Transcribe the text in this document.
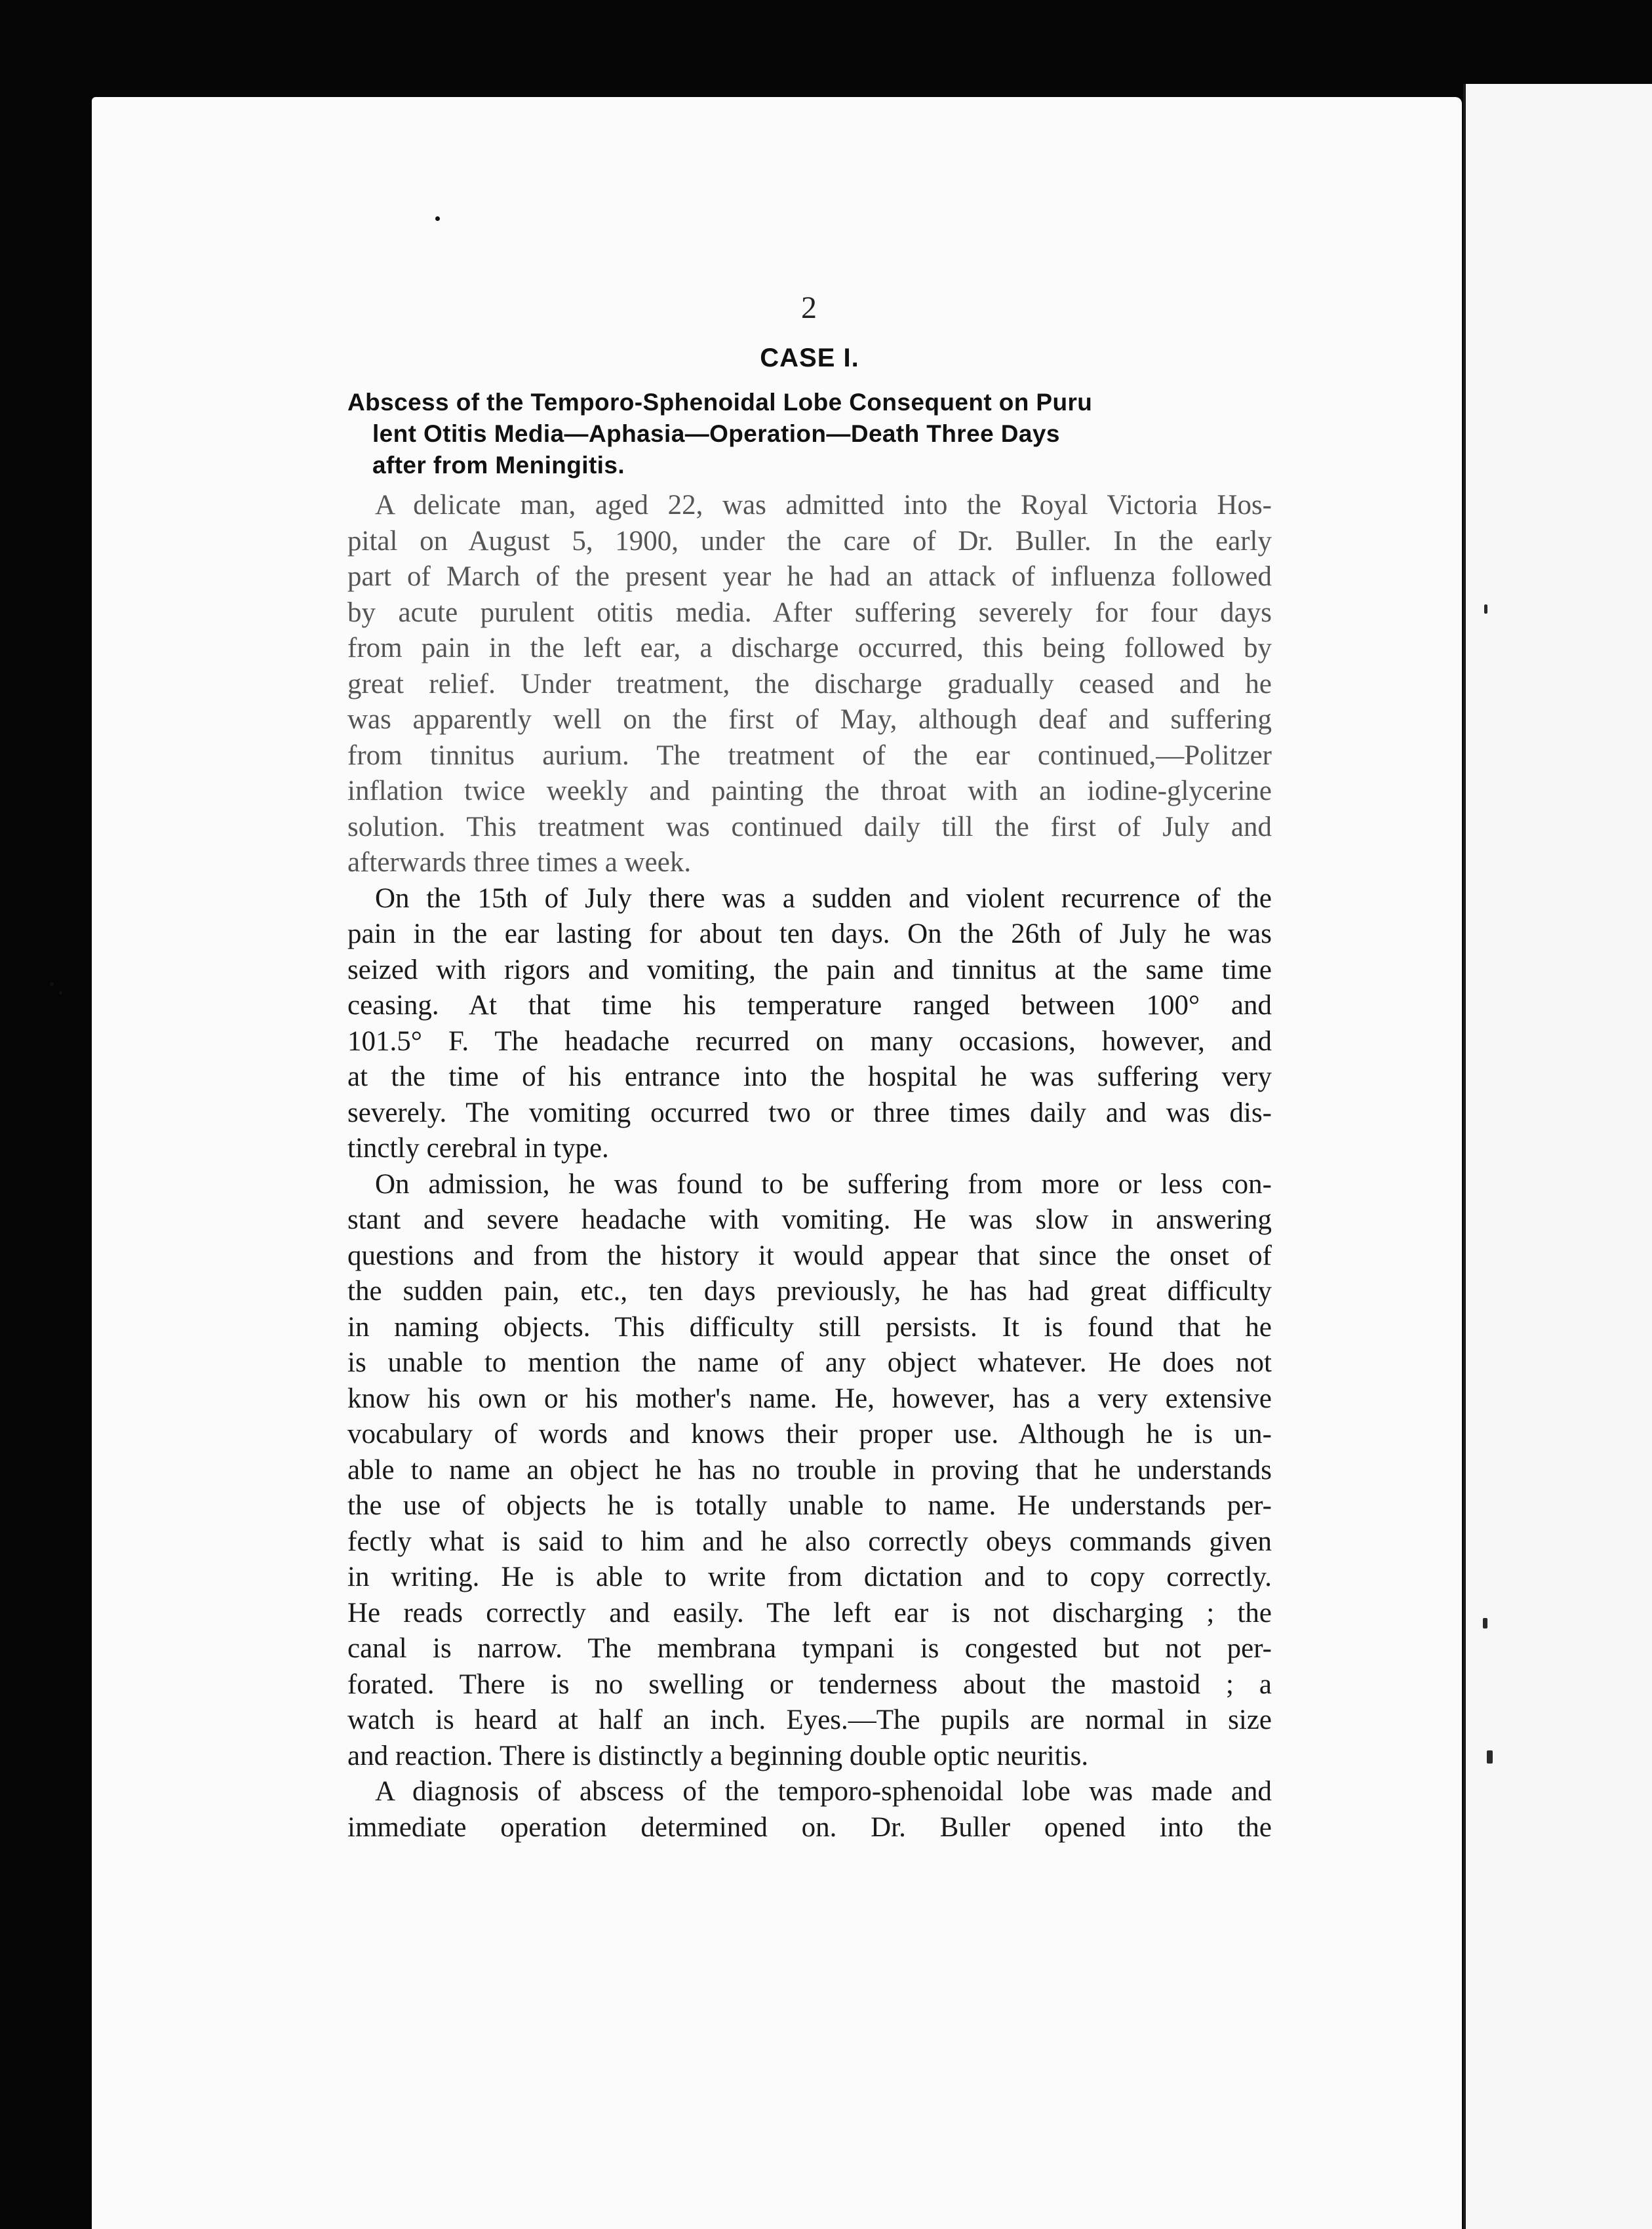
2
CASE I.
Abscess of the Temporo-Sphenoidal Lobe Consequent on Puru
lent Otitis Media—Aphasia—Operation—Death Three Days
after from Meningitis.
A delicate man, aged 22, was admitted into the Royal Victoria Hos-
pital on August 5, 1900, under the care of Dr. Buller. In the early
part of March of the present year he had an attack of influenza followed
by acute purulent otitis media. After suffering severely for four days
from pain in the left ear, a discharge occurred, this being followed by
great relief. Under treatment, the discharge gradually ceased and he
was apparently well on the first of May, although deaf and suffering
from tinnitus aurium. The treatment of the ear continued,—Politzer
inflation twice weekly and painting the throat with an iodine-glycerine
solution. This treatment was continued daily till the first of July and
afterwards three times a week.
On the 15th of July there was a sudden and violent recurrence of the
pain in the ear lasting for about ten days. On the 26th of July he was
seized with rigors and vomiting, the pain and tinnitus at the same time
ceasing. At that time his temperature ranged between 100° and
101.5° F. The headache recurred on many occasions, however, and
at the time of his entrance into the hospital he was suffering very
severely. The vomiting occurred two or three times daily and was dis-
tinctly cerebral in type.
On admission, he was found to be suffering from more or less con-
stant and severe headache with vomiting. He was slow in answering
questions and from the history it would appear that since the onset of
the sudden pain, etc., ten days previously, he has had great difficulty
in naming objects. This difficulty still persists. It is found that he
is unable to mention the name of any object whatever. He does not
know his own or his mother's name. He, however, has a very extensive
vocabulary of words and knows their proper use. Although he is un-
able to name an object he has no trouble in proving that he understands
the use of objects he is totally unable to name. He understands per-
fectly what is said to him and he also correctly obeys commands given
in writing. He is able to write from dictation and to copy correctly.
He reads correctly and easily. The left ear is not discharging ; the
canal is narrow. The membrana tympani is congested but not per-
forated. There is no swelling or tenderness about the mastoid ; a
watch is heard at half an inch. Eyes.—The pupils are normal in size
and reaction. There is distinctly a beginning double optic neuritis.
A diagnosis of abscess of the temporo-sphenoidal lobe was made and
immediate operation determined on. Dr. Buller opened into the
